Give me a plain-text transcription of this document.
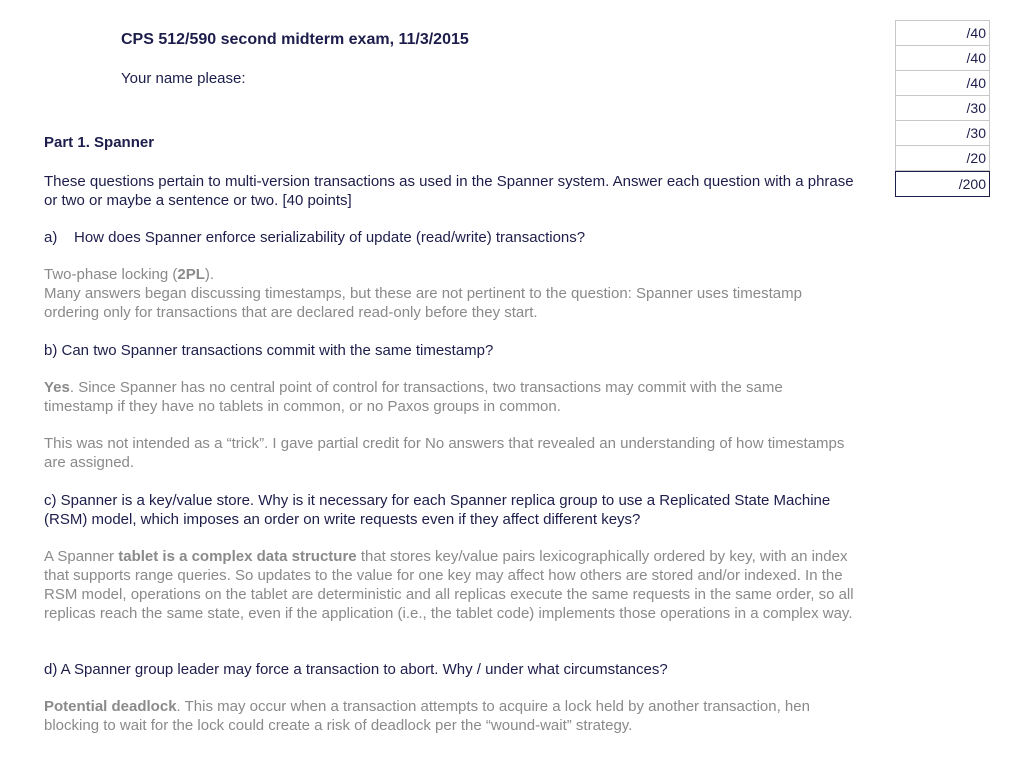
CPS 512/590 second midterm exam, 11/3/2015
Your name please:
/40
/40
/40
/30
/30
/20

/200
Part 1. Spanner

These questions pertain to multi-version transactions as used in the Spanner system. Answer each question with a phrase or two or maybe a sentence or two. [40 points]

a) How does Spanner enforce serializability of update (read/write) transactions?

Two-phase locking (2PL).
Many answers began discussing timestamps, but these are not pertinent to the question: Spanner uses timestamp ordering only for transactions that are declared read-only before they start.

b) Can two Spanner transactions commit with the same timestamp?

Yes. Since Spanner has no central point of control for transactions, two transactions may commit with the same timestamp if they have no tablets in common, or no Paxos groups in common.

This was not intended as a “trick”. I gave partial credit for No answers that revealed an understanding of how timestamps are assigned.

c) Spanner is a key/value store. Why is it necessary for each Spanner replica group to use a Replicated State Machine (RSM) model, which imposes an order on write requests even if they affect different keys?

A Spanner tablet is a complex data structure that stores key/value pairs lexicographically ordered by key, with an index that supports range queries. So updates to the value for one key may affect how others are stored and/or indexed. In the RSM model, operations on the tablet are deterministic and all replicas execute the same requests in the same order, so all replicas reach the same state, even if the application (i.e., the tablet code) implements those operations in a complex way.

d) A Spanner group leader may force a transaction to abort. Why / under what circumstances?

Potential deadlock. This may occur when a transaction attempts to acquire a lock held by another transaction, hen blocking to wait for the lock could create a risk of deadlock per the “wound-wait” strategy.
